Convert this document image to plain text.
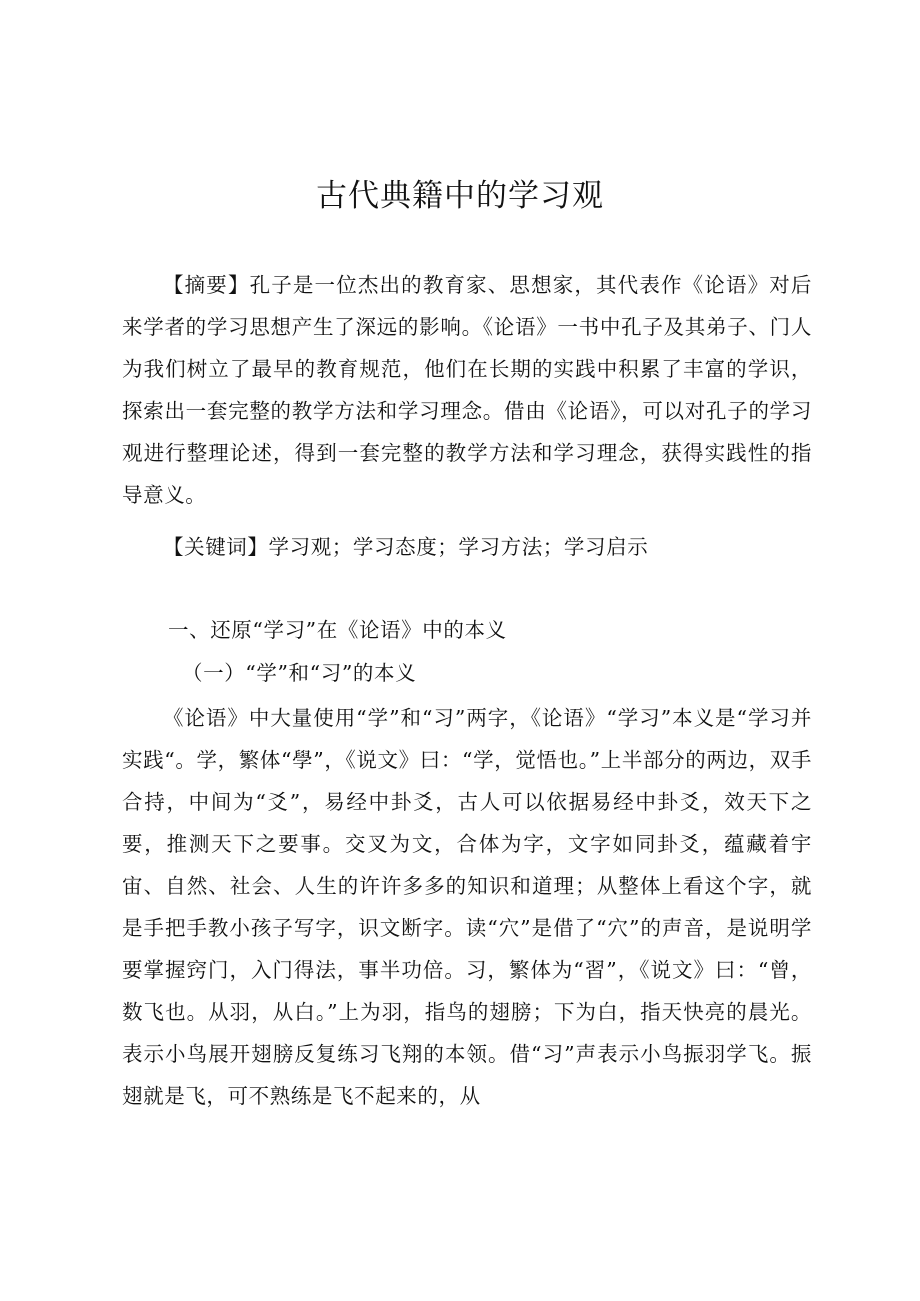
古代典籍中的学习观

【摘要】孔子是一位杰出的教育家、思想家，其代表作《论语》对后来学者的学习思想产生了深远的影响。《论语》一书中孔子及其弟子、门人为我们树立了最早的教育规范，他们在长期的实践中积累了丰富的学识，探索出一套完整的教学方法和学习理念。借由《论语》，可以对孔子的学习观进行整理论述，得到一套完整的教学方法和学习理念，获得实践性的指导意义。

【关键词】学习观；学习态度；学习方法；学习启示

一、还原“学习”在《论语》中的本义

（一）“学”和“习”的本义

《论语》中大量使用“学”和“习”两字，《论语》“学习”本义是“学习并实践“。学，繁体“學”，《说文》曰：“学，觉悟也。”上半部分的两边，双手合持，中间为“爻”，易经中卦爻，古人可以依据易经中卦爻，效天下之要，推测天下之要事。交叉为文，合体为字，文字如同卦爻，蕴藏着宇宙、自然、社会、人生的许许多多的知识和道理；从整体上看这个字，就是手把手教小孩子写字，识文断字。读“穴”是借了“穴”的声音，是说明学要掌握窍门，入门得法，事半功倍。习，繁体为“習”，《说文》曰：“曾，数飞也。从羽，从白。”上为羽，指鸟的翅膀；下为白，指天快亮的晨光。表示小鸟展开翅膀反复练习飞翔的本领。借“习”声表示小鸟振羽学飞。振翅就是飞，可不熟练是飞不起来的，从
